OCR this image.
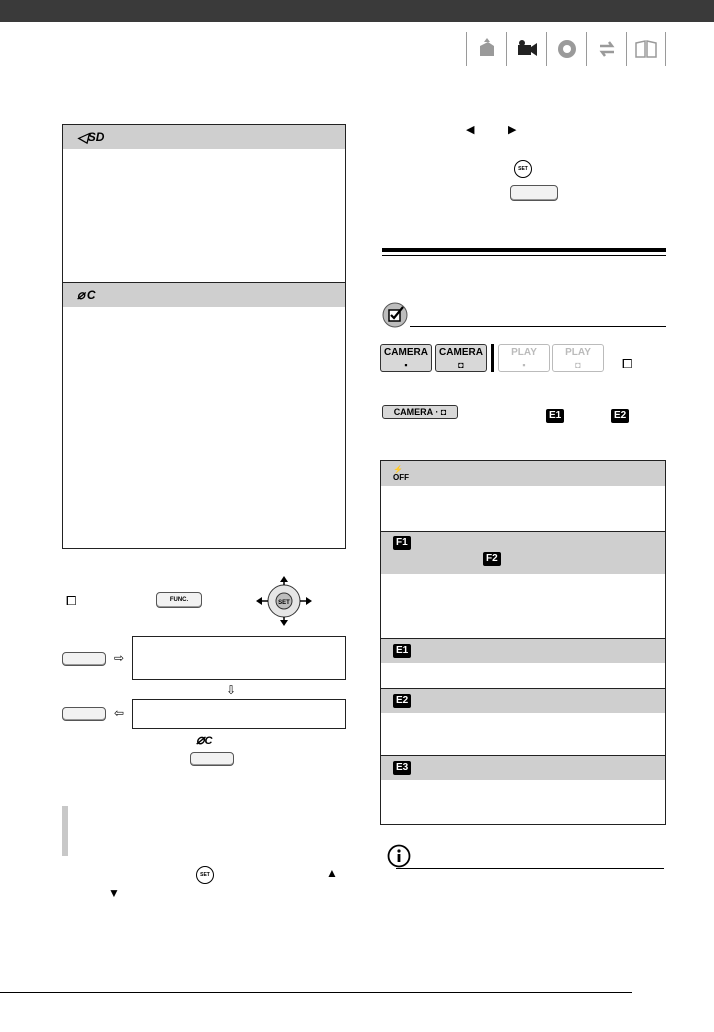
◁ SD
⌀ C
⧠	FUNC.	SET
⇨
⇩
⇦
⌀C
SET	▲
▼
◀	▶
SET
CAMERA
▪
CAMERA
◘
PLAY
▪
PLAY
◘	⧠
CAMERA · ◘	E1	E2
⚡
OFF
F1
F2
E1
E2
E3
